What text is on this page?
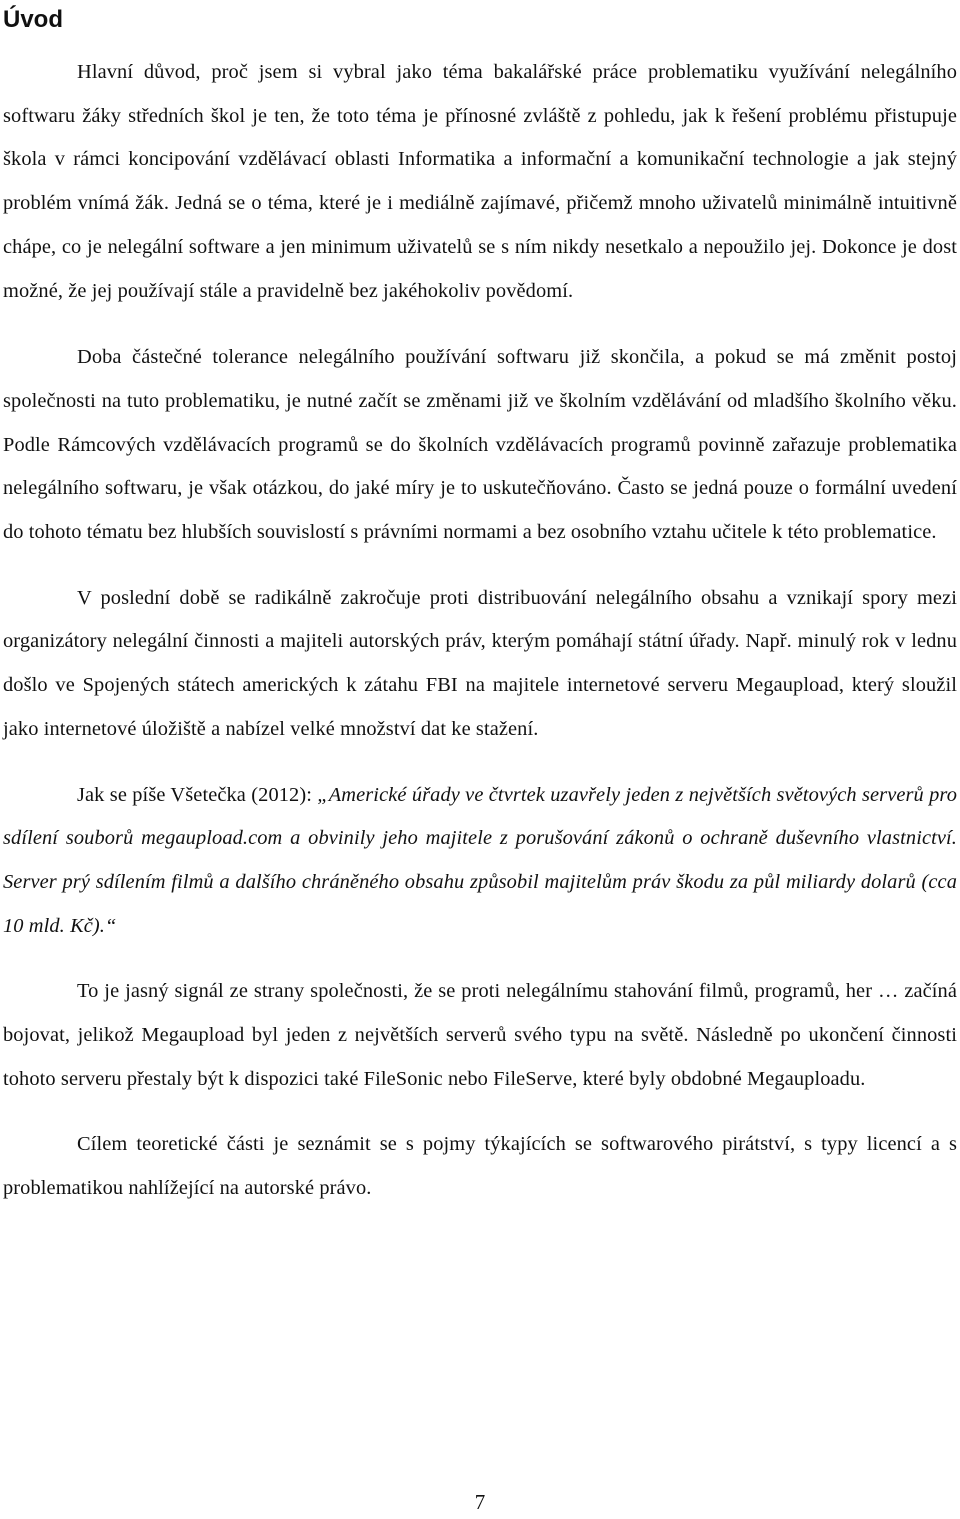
Úvod

Hlavní důvod, proč jsem si vybral jako téma bakalářské práce problematiku využívání nelegálního softwaru žáky středních škol je ten, že toto téma je přínosné zvláště z pohledu, jak k řešení problému přistupuje škola v rámci koncipování vzdělávací oblasti Informatika a informační a komunikační technologie a jak stejný problém vnímá žák. Jedná se o téma, které je i mediálně zajímavé, přičemž mnoho uživatelů minimálně intuitivně chápe, co je nelegální software a jen minimum uživatelů se s ním nikdy nesetkalo a nepoužilo jej. Dokonce je dost možné, že jej používají stále a pravidelně bez jakéhokoliv povědomí.

Doba částečné tolerance nelegálního používání softwaru již skončila, a pokud se má změnit postoj společnosti na tuto problematiku, je nutné začít se změnami již ve školním vzdělávání od mladšího školního věku. Podle Rámcových vzdělávacích programů se do školních vzdělávacích programů povinně zařazuje problematika nelegálního softwaru, je však otázkou, do jaké míry je to uskutečňováno. Často se jedná pouze o formální uvedení do tohoto tématu bez hlubších souvislostí s právními normami a bez osobního vztahu učitele k této problematice.

V poslední době se radikálně zakročuje proti distribuování nelegálního obsahu a vznikají spory mezi organizátory nelegální činnosti a majiteli autorských práv, kterým pomáhají státní úřady. Např. minulý rok v lednu došlo ve Spojených státech amerických k zátahu FBI na majitele internetové serveru Megaupload, který sloužil jako internetové úložiště a nabízel velké množství dat ke stažení.

Jak se píše Všetečka (2012): „Americké úřady ve čtvrtek uzavřely jeden z největších světových serverů pro sdílení souborů megaupload.com a obvinily jeho majitele z porušování zákonů o ochraně duševního vlastnictví. Server prý sdílením filmů a dalšího chráněného obsahu způsobil majitelům práv škodu za půl miliardy dolarů (cca 10 mld. Kč).“

To je jasný signál ze strany společnosti, že se proti nelegálnímu stahování filmů, programů, her … začíná bojovat, jelikož Megaupload byl jeden z největších serverů svého typu na světě. Následně po ukončení činnosti tohoto serveru přestaly být k dispozici také FileSonic nebo FileServe, které byly obdobné Megauploadu.

Cílem teoretické části je seznámit se s pojmy týkajících se softwarového pirátství, s typy licencí a s problematikou nahlížející na autorské právo.

7
